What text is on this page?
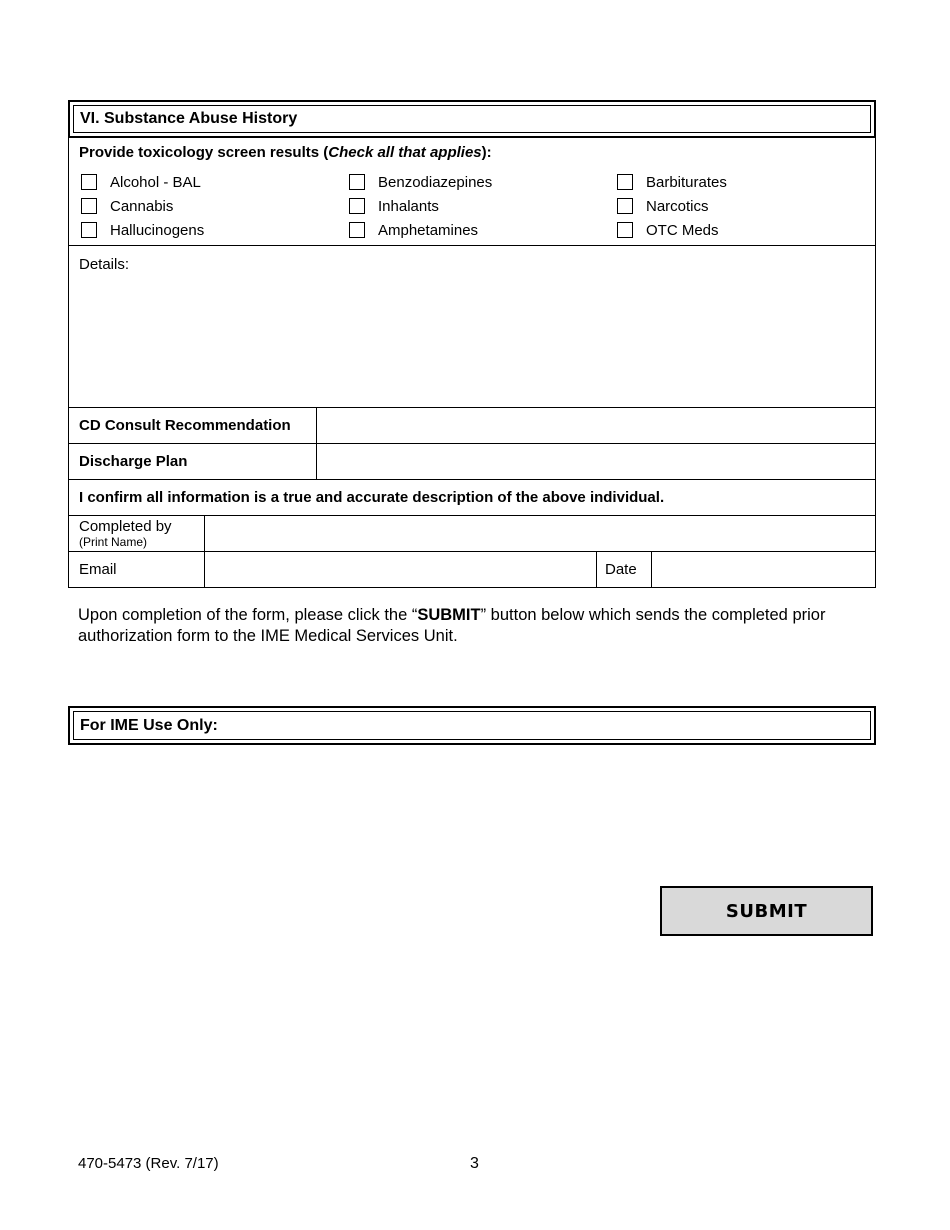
VI. Substance Abuse History
Provide toxicology screen results (Check all that applies):
Alcohol - BAL
Cannabis
Hallucinogens
Benzodiazepines
Inhalants
Amphetamines
Barbiturates
Narcotics
OTC Meds
Details:
CD Consult Recommendation
Discharge Plan
I confirm all information is a true and accurate description of the above individual.
Completed by
(Print Name)
Email	Date
Upon completion of the form, please click the “SUBMIT” button below which sends the completed prior authorization form to the IME Medical Services Unit.
For IME Use Only:
SUBMIT
470-5473 (Rev. 7/17)	3
